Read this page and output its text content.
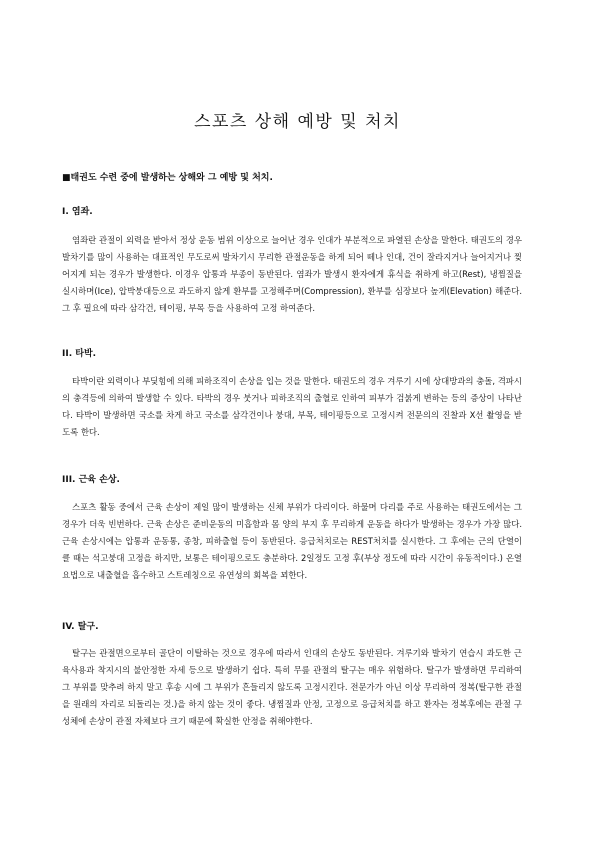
스포츠 상해 예방 및 처치
■태권도 수련 중에 발생하는 상해와 그 예방 및 처치.
I. 염좌.
염좌란 관절이 외력을 받아서 정상 운동 범위 이상으로 늘어난 경우 인대가 부분적으로 파열된 손상을 말한다. 태권도의 경우 발차기를 많이 사용하는 대표적인 무도로써 발차기시 무리한 관절운동을 하게 되어 떼나 인대, 건이 잘라지거나 늘어지거나 찢어지게 되는 경우가 발생한다. 이경우 압통과 부종이 동반된다. 염좌가 발생시 환자에게 휴식을 취하게 하고(Rest), 냉찜질을 실시하며(Ice), 압박붕대등으로 과도하지 않게 환부를 고정해주며(Compression), 환부를 심장보다 높게(Elevation) 해준다. 그 후 필요에 따라 삼각건, 테이핑, 부목 등을 사용하여 고정 하여준다.
II. 타박.
타박이란 외력이나 부딪힘에 의해 피하조직이 손상을 입는 것을 말한다. 태권도의 경우 겨루기 시에 상대방과의 충돌, 격파시의 충격등에 의하여 발생할 수 있다. 타박의 경우 붓거나 피하조직의 출혈로 인하여 피부가 검붉게 변하는 등의 증상이 나타난다. 타박이 발생하면 국소를 차게 하고 국소를 삼각건이나 붕대, 부목, 테이핑등으로 고정시켜 전문의의 진찰과 X선 촬영을 받도록 한다.
III. 근육 손상.
스포츠 활동 중에서 근육 손상이 제일 많이 발생하는 신체 부위가 다리이다. 하물며 다리를 주로 사용하는 태권도에서는 그 경우가 더욱 빈번하다. 근육 손상은 준비운동의 미흡함과 몸 양의 부지 후 무리하게 운동을 하다가 발생하는 경우가 가장 많다. 근육 손상시에는 압통과 운동통, 종창, 피하출혈 등이 동반된다. 응급처치로는 REST처치를 실시한다. 그 후에는 근의 단열이 클 때는 석고붕대 고정을 하지만, 보통은 테이핑으로도 충분하다. 2일정도 고정 후(부상 정도에 따라 시간이 유동적이다.) 온열요법으로 내출혈을 흡수하고 스트레칭으로 유연성의 회복을 꾀한다.
IV. 탈구.
탈구는 관절면으로부터 골단이 이탈하는 것으로 경우에 따라서 인대의 손상도 동반된다. 겨루기와 발차기 연습시 과도한 근육사용과 착지시의 불안정한 자세 등으로 발생하기 쉽다. 특히 무릎 관절의 탈구는 매우 위험하다. 탈구가 발생하면 무리하여 그 부위를 맞추려 하지 말고 후송 시에 그 부위가 흔들리지 않도록 고정시킨다. 전문가가 아닌 이상 무리하여 정복(탈구한 관절을 원래의 자리로 되돌리는 것.)을 하지 않는 것이 좋다. 냉찜질과 안정, 고정으로 응급처치를 하고 환자는 정복후에는 관절 구성체에 손상이 관절 자체보다 크기 때문에 확실한 안정을 취해야한다.
